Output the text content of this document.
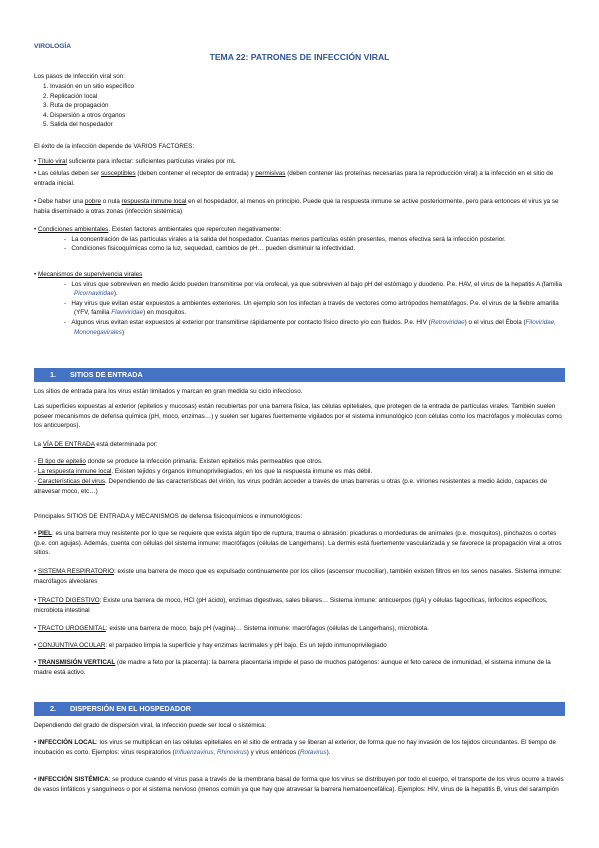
VIROLOGÍA
TEMA 22: PATRONES DE INFECCIÓN VIRAL
Los pasos de infección viral son:
1. Invasión en un sitio específico
2. Replicación local
3. Ruta de propagación
4. Dispersión a otros órganos
5. Salida del hospedador
El éxito de la infección depende de VARIOS FACTORES:
• Título viral suficiente para infectar: suficientes partículas virales por mL
• Las células deben ser susceptibles (deben contener el receptor de entrada) y permisivas (deben contener las proteínas necesarias para la reproducción viral) a la infección en el sitio de entrada inicial.
• Debe haber una pobre o nula respuesta inmune local en el hospedador, al menos en principio. Puede que la respuesta inmune se active posteriormente, pero para entonces el virus ya se había diseminado a otras zonas (infección sistémica)
• Condiciones ambientales. Existen factores ambientales que repercuten negativamente:
-   La concentración de las partículas virales a la salida del hospedador. Cuantas menos partículas estén presentes, menos efectiva será la infección posterior.
-   Condiciones fisicoquímicas como la luz, sequedad, cambios de pH… pueden disminuir la infectividad.
• Mecanismos de supervivencia virales
-   Los virus que sobreviven en medio ácido pueden transmitirse por vía orofecal, ya que sobreviven al bajo pH del estómago y duodeno. P.e. HAV, el virus de la hepatitis A (familia Picornaviridae).
-   Hay virus que evitan estar expuestos a ambientes exteriores. Un ejemplo son los infectan a través de vectores como artrópodos hematófagos. P.e. el virus de la fiebre amarilla (YFV, familia Flaviviridae) en mosquitos.
-   Algunos virus evitan estar expuestos al exterior por transmitirse rápidamente por contacto físico directo y/o con fluidos. P.e. HIV (Retroviridae) o el virus del Ébola (Filoviridae, Mononegavirales)
1. SITIOS DE ENTRADA
Los sitios de entrada para los virus están limitados y marcan en gran medida su ciclo infeccioso.
Las superficies expuestas al exterior (epitelios y mucosas) están recubiertas por una barrera física, las células epiteliales, que protegen de la entrada de partículas virales. También suelen poseer mecanismos de defensa química (pH, moco, enzimas…) y suelen ser lugares fuertemente vigilados por el sistema inmunológico (con células como los macrófagos y moléculas como los anticuerpos).
La VÍA DE ENTRADA está determinada por:
- El tipo de epitelio donde se produce la infección primaria. Existen epitelios más permeables que otros.
- La respuesta inmune local. Existen tejidos y órganos inmunoprivilegiados, en los que la respuesta inmune es más débil.
- Características del virus. Dependiendo de las características del virión, los virus podrán acceder a través de unas barreras u otras (p.e. viriones resistentes a medio ácido, capaces de atravesar moco, etc…)
Principales SITIOS DE ENTRADA y MECANISMOS de defensa fisicoquímicos e inmunológicos:
• PIEL: es una barrera muy resistente por lo que se requiere que exista algún tipo de ruptura, trauma o abrasión: picaduras o mordeduras de animales (p.e. mosquitos), pinchazos o cortes (p.e. con agujas). Además, cuenta con células del sistema inmune: macrófagos (células de Langerhans). La dermis está fuertemente vascularizada y se favorece la propagación viral a otros sitios.
• SISTEMA RESPIRATORIO: existe una barrera de moco que es expulsado continuamente por los cilios (ascensor mucociliar), también existen filtros en los senos nasales. Sistema inmune: macrófagos alveolares
• TRACTO DIGESTIVO: Existe una barrera de moco, HCl (pH ácido), enzimas digestivas, sales biliares… Sistema inmune: anticuerpos (IgA) y células fagocíticas, linfocitos específicos, microbiota intestinal
• TRACTO UROGENITAL: existe una barrera de moco, bajo pH (vagina)… Sistema inmune: macrófagos (células de Langerhans), microbiota.
• CONJUNTIVA OCULAR: el parpadeo limpia la superficie y hay enzimas lacrimales y pH bajo. Es un tejido inmunoprivilegiado
• TRANSMISIÓN VERTICAL (de madre a feto por la placenta): la barrera placentaria impide el paso de muchos patógenos: aunque el feto carece de inmunidad, el sistema inmune de la madre está activo.
2. DISPERSIÓN EN EL HOSPEDADOR
Dependiendo del grado de dispersión viral, la infección puede ser local o sistémica:
• INFECCIÓN LOCAL: los virus se multiplican en las células epiteliales en el sitio de entrada y se liberan al exterior, de forma que no hay invasión de los tejidos circundantes. El tiempo de incubación es corto. Ejemplos: virus respiratorios (Influenzavirus, Rhinovirus) y virus entéricos (Rotavirus).
• INFECCIÓN SISTÉMICA: se produce cuando el virus pasa a través de la membrana basal de forma que los virus se distribuyen por todo el cuerpo, el transporte de los virus ocurre a través de vasos linfáticos y sanguíneos o por el sistema nervioso (menos común ya que hay que atravesar la barrera hematoencefálica). Ejemplos: HIV, virus de la hepatitis B, virus del sarampión
